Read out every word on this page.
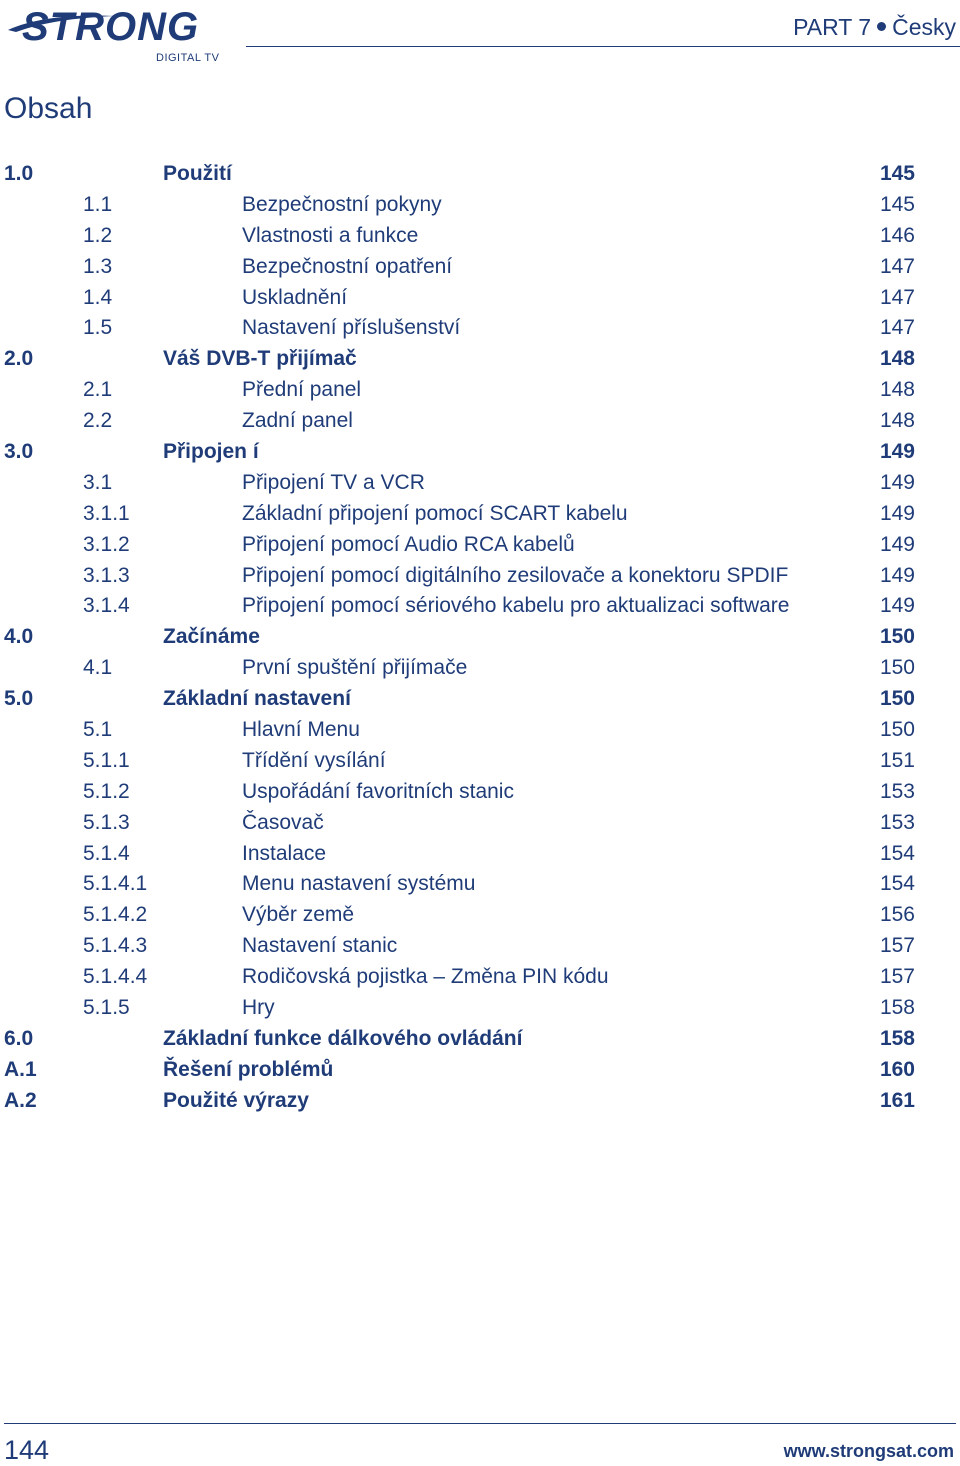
STRONG
DIGITAL TV
PART 7 Česky
Obsah
1.0	Použití	145
1.1	Bezpečnostní pokyny	145
1.2	Vlastnosti a funkce	146
1.3	Bezpečnostní opatření	147
1.4	Uskladnění	147
1.5	Nastavení příslušenství	147
2.0	Váš DVB-T přijímač	148
2.1	Přední panel	148
2.2	Zadní panel	148
3.0	Připojen í	149
3.1	Připojení TV a VCR	149
3.1.1	Základní připojení pomocí SCART kabelu	149
3.1.2	Připojení pomocí Audio RCA kabelů	149
3.1.3	Připojení pomocí digitálního zesilovače a konektoru SPDIF	149
3.1.4	Připojení pomocí sériového kabelu pro aktualizaci software	149
4.0	Začínáme	150
4.1	První spuštění přijímače	150
5.0	Základní nastavení	150
5.1	Hlavní Menu	150
5.1.1	Třídění vysílání	151
5.1.2	Uspořádání favoritních stanic	153
5.1.3	Časovač	153
5.1.4	Instalace	154
5.1.4.1	Menu nastavení systému	154
5.1.4.2	Výběr země	156
5.1.4.3	Nastavení stanic	157
5.1.4.4	Rodičovská pojistka – Změna PIN kódu	157
5.1.5	Hry	158
6.0	Základní funkce dálkového ovládání	158
A.1	Řešení problémů	160
A.2	Použité výrazy	161
144	www.strongsat.com
